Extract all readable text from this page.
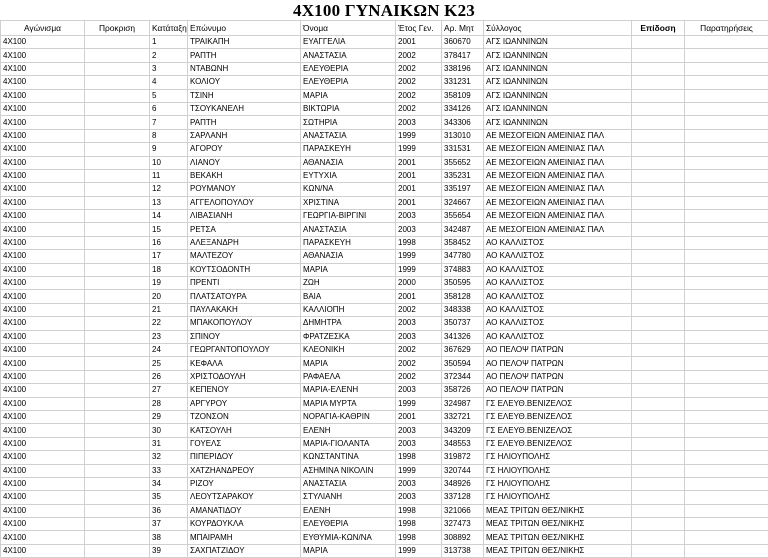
4X100 ΓΥΝΑΙΚΩΝ Κ23
Αγώνισμα	Προκριση	Κατάταξη	Επώνυμο	Όνομα	Έτος Γεν.	Αρ. Μητ	Σύλλογος	Επίδοση	Παρατηρήσεις
4X100		1	ΤΡΑΙΚΑΠΗ	ΕΥΑΓΓΕΛΙΑ	2001	360670	ΑΓΣ ΙΩΑΝΝΙΝΩΝ		
4X100		2	ΡΑΠΤΗ	ΑΝΑΣΤΑΣΙΑ	2002	378417	ΑΓΣ ΙΩΑΝΝΙΝΩΝ		
4X100		3	ΝΤΑΒΩΝΗ	ΕΛΕΥΘΕΡΙΑ	2002	338196	ΑΓΣ ΙΩΑΝΝΙΝΩΝ		
4X100		4	ΚΟΛΙΟΥ	ΕΛΕΥΘΕΡΙΑ	2002	331231	ΑΓΣ ΙΩΑΝΝΙΝΩΝ		
4X100		5	ΤΣΙΝΗ	ΜΑΡΙΑ	2002	358109	ΑΓΣ ΙΩΑΝΝΙΝΩΝ		
4X100		6	ΤΣΟΥΚΑΝΕΛΗ	ΒΙΚΤΩΡΙΑ	2002	334126	ΑΓΣ ΙΩΑΝΝΙΝΩΝ		
4X100		7	ΡΑΠΤΗ	ΣΩΤΗΡΙΑ	2003	343306	ΑΓΣ ΙΩΑΝΝΙΝΩΝ		
4X100		8	ΣΑΡΛΑΝΗ	ΑΝΑΣΤΑΣΙΑ	1999	313010	ΑΕ ΜΕΣΟΓΕΙΩΝ ΑΜΕΙΝΙΑΣ ΠΑΛ		
4X100		9	ΑΓΟΡΟΥ	ΠΑΡΑΣΚΕΥΗ	1999	331531	ΑΕ ΜΕΣΟΓΕΙΩΝ ΑΜΕΙΝΙΑΣ ΠΑΛ		
4X100		10	ΛΙΑΝΟΥ	ΑΘΑΝΑΣΙΑ	2001	355652	ΑΕ ΜΕΣΟΓΕΙΩΝ ΑΜΕΙΝΙΑΣ ΠΑΛ		
4X100		11	ΒΕΚΑΚΗ	ΕΥΤΥΧΙΑ	2001	335231	ΑΕ ΜΕΣΟΓΕΙΩΝ ΑΜΕΙΝΙΑΣ ΠΑΛ		
4X100		12	ΡΟΥΜΑΝΟΥ	ΚΩΝ/ΝΑ	2001	335197	ΑΕ ΜΕΣΟΓΕΙΩΝ ΑΜΕΙΝΙΑΣ ΠΑΛ		
4X100		13	ΑΓΓΕΛΟΠΟΥΛΟΥ	ΧΡΙΣΤΙΝΑ	2001	324667	ΑΕ ΜΕΣΟΓΕΙΩΝ ΑΜΕΙΝΙΑΣ ΠΑΛ		
4X100		14	ΛΙΒΑΣΙΑΝΗ	ΓΕΩΡΓΙΑ-ΒΙΡΓΙΝΙ	2003	355654	ΑΕ ΜΕΣΟΓΕΙΩΝ ΑΜΕΙΝΙΑΣ ΠΑΛ		
4X100		15	ΡΕΤΣΑ	ΑΝΑΣΤΑΣΙΑ	2003	342487	ΑΕ ΜΕΣΟΓΕΙΩΝ ΑΜΕΙΝΙΑΣ ΠΑΛ		
4X100		16	ΑΛΕΞΑΝΔΡΗ	ΠΑΡΑΣΚΕΥΗ	1998	358452	ΑΟ ΚΑΛΛΙΣΤΟΣ		
4X100		17	ΜΑΛΤΕΖΟΥ	ΑΘΑΝΑΣΙΑ	1999	347780	ΑΟ ΚΑΛΛΙΣΤΟΣ		
4X100		18	ΚΟΥΤΣΟΔΟΝΤΗ	ΜΑΡΙΑ	1999	374883	ΑΟ ΚΑΛΛΙΣΤΟΣ		
4X100		19	ΠΡΕΝΤΙ	ΖΩΗ	2000	350595	ΑΟ ΚΑΛΛΙΣΤΟΣ		
4X100		20	ΠΛΑΤΣΑΤΟΥΡΑ	ΒΑΙΑ	2001	358128	ΑΟ ΚΑΛΛΙΣΤΟΣ		
4X100		21	ΠΑΥΛΑΚΑΚΗ	ΚΑΛΛΙΟΠΗ	2002	348338	ΑΟ ΚΑΛΛΙΣΤΟΣ		
4X100		22	ΜΠΑΚΟΠΟΥΛΟΥ	ΔΗΜΗΤΡΑ	2003	350737	ΑΟ ΚΑΛΛΙΣΤΟΣ		
4X100		23	ΣΠΙΝΟΥ	ΦΡΑΤΖΕΣΚΑ	2003	341326	ΑΟ ΚΑΛΛΙΣΤΟΣ		
4X100		24	ΓΕΩΡΓΑΝΤΟΠΟΥΛΟΥ	ΚΛΕΟΝΙΚΗ	2002	367629	ΑΟ ΠΕΛΟΨ ΠΑΤΡΩΝ		
4X100		25	ΚΕΦΑΛΑ	ΜΑΡΙΑ	2002	350594	ΑΟ ΠΕΛΟΨ ΠΑΤΡΩΝ		
4X100		26	ΧΡΙΣΤΟΔΟΥΛΗ	ΡΑΦΑΕΛΑ	2002	372344	ΑΟ ΠΕΛΟΨ ΠΑΤΡΩΝ		
4X100		27	ΚΕΠΕΝΟΥ	ΜΑΡΙΑ-ΕΛΕΝΗ	2003	358726	ΑΟ ΠΕΛΟΨ ΠΑΤΡΩΝ		
4X100		28	ΑΡΓΥΡΟΥ	ΜΑΡΙΑ ΜΥΡΤΑ	1999	324987	ΓΣ ΕΛΕΥΘ.ΒΕΝΙΖΕΛΟΣ		
4X100		29	ΤΖΟΝΣΟΝ	ΝΟΡΑΓΙΑ-ΚΑΘΡΙΝ	2001	332721	ΓΣ ΕΛΕΥΘ.ΒΕΝΙΖΕΛΟΣ		
4X100		30	ΚΑΤΣΟΥΛΗ	ΕΛΕΝΗ	2003	343209	ΓΣ ΕΛΕΥΘ.ΒΕΝΙΖΕΛΟΣ		
4X100		31	ΓΟΥΕΛΣ	ΜΑΡΙΑ-ΓΙΟΛΑΝΤΑ	2003	348553	ΓΣ ΕΛΕΥΘ.ΒΕΝΙΖΕΛΟΣ		
4X100		32	ΠΙΠΕΡΙΔΟΥ	ΚΩΝΣΤΑΝΤΙΝΑ	1998	319872	ΓΣ ΗΛΙΟΥΠΟΛΗΣ		
4X100		33	ΧΑΤΖΗΑΝΔΡΕΟΥ	ΑΣΗΜΙΝΑ ΝΙΚΟΛΙΝ	1999	320744	ΓΣ ΗΛΙΟΥΠΟΛΗΣ		
4X100		34	ΡΙΖΟΥ	ΑΝΑΣΤΑΣΙΑ	2003	348926	ΓΣ ΗΛΙΟΥΠΟΛΗΣ		
4X100		35	ΛΕΟΥΤΣΑΡΑΚΟΥ	ΣΤΥΛΙΑΝΗ	2003	337128	ΓΣ ΗΛΙΟΥΠΟΛΗΣ		
4X100		36	ΑΜΑΝΑΤΙΔΟΥ	ΕΛΕΝΗ	1998	321066	ΜΕΑΣ ΤΡΙΤΩΝ ΘΕΣ/ΝΙΚΗΣ		
4X100		37	ΚΟΥΡΔΟΥΚΛΑ	ΕΛΕΥΘΕΡΙΑ	1998	327473	ΜΕΑΣ ΤΡΙΤΩΝ ΘΕΣ/ΝΙΚΗΣ		
4X100		38	ΜΠΑΙΡΑΜΗ	ΕΥΘΥΜΙΑ-ΚΩΝ/ΝΑ	1998	308892	ΜΕΑΣ ΤΡΙΤΩΝ ΘΕΣ/ΝΙΚΗΣ		
4X100		39	ΣΑΧΠΑΤΖΙΔΟΥ	ΜΑΡΙΑ	1999	313738	ΜΕΑΣ ΤΡΙΤΩΝ ΘΕΣ/ΝΙΚΗΣ		
